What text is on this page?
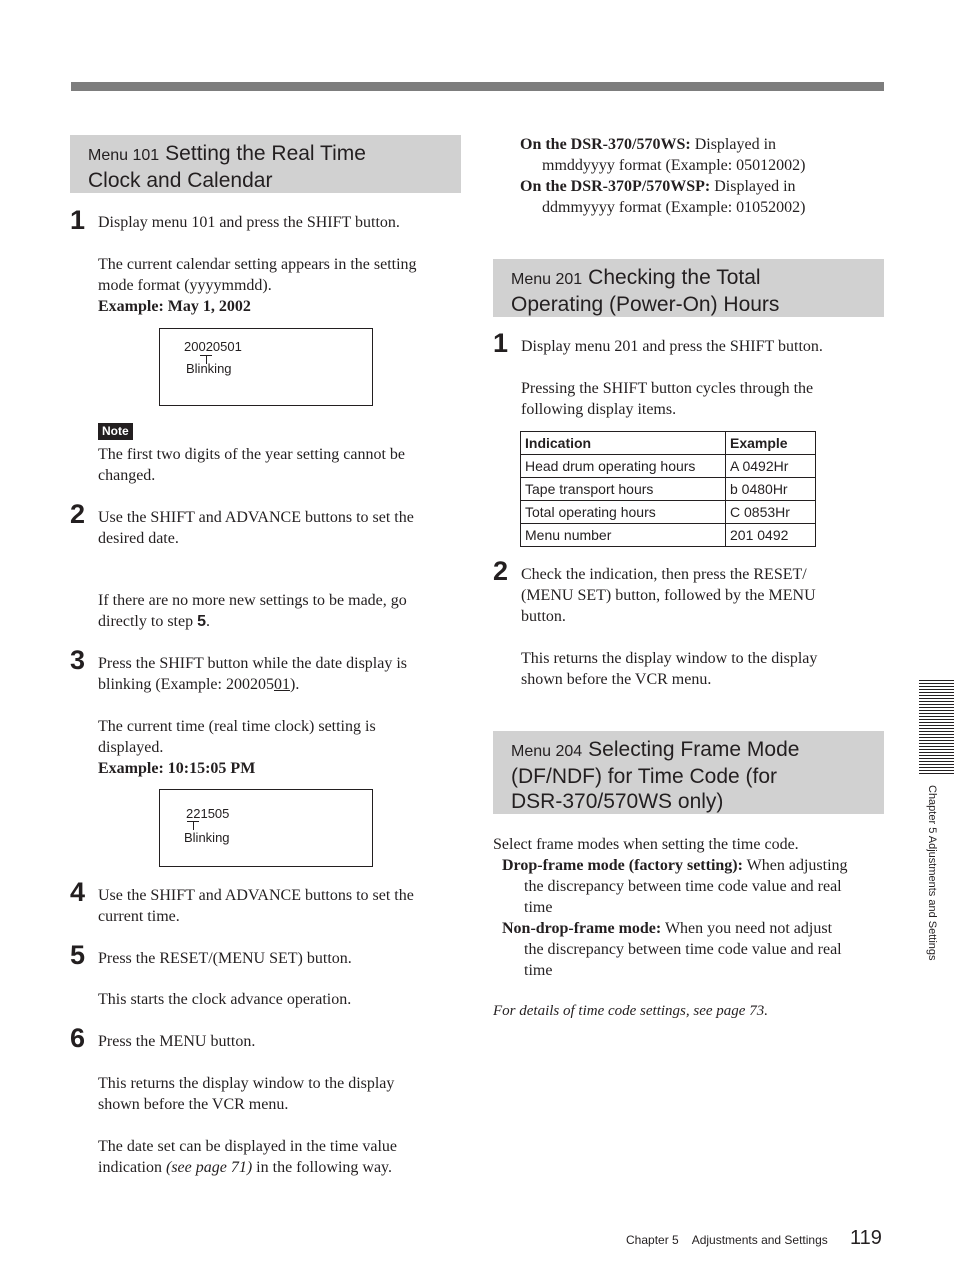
Menu 101 Setting the Real Time
Clock and Calendar
1 Display menu 101 and press the SHIFT button.
The current calendar setting appears in the setting
mode format (yyyymmdd).
Example: May 1, 2002
20020501
Blinking
Note
The first two digits of the year setting cannot be
changed.
2 Use the SHIFT and ADVANCE buttons to set the
desired date.
If there are no more new settings to be made, go
directly to step 5.
3 Press the SHIFT button while the date display is
blinking (Example: 20020501).
The current time (real time clock) setting is
displayed.
Example: 10:15:05 PM
221505
Blinking
4 Use the SHIFT and ADVANCE buttons to set the
current time.
5 Press the RESET/(MENU SET) button.
This starts the clock advance operation.
6 Press the MENU button.
This returns the display window to the display
shown before the VCR menu.
The date set can be displayed in the time value
indication (see page 71) in the following way.
On the DSR-370/570WS: Displayed in
mmddyyyy format (Example: 05012002)
On the DSR-370P/570WSP: Displayed in
ddmmyyyy format (Example: 01052002)
Menu 201 Checking the Total
Operating (Power-On) Hours
1 Display menu 201 and press the SHIFT button.
Pressing the SHIFT button cycles through the
following display items.
Indication	Example
Head drum operating hours	A 0492Hr
Tape transport hours	b 0480Hr
Total operating hours	C 0853Hr
Menu number	201 0492
2 Check the indication, then press the RESET/
(MENU SET) button, followed by the MENU
button.
This returns the display window to the display
shown before the VCR menu.
Menu 204 Selecting Frame Mode
(DF/NDF) for Time Code (for
DSR-370/570WS only)
Select frame modes when setting the time code.
Drop-frame mode (factory setting): When adjusting
the discrepancy between time code value and real
time
Non-drop-frame mode: When you need not adjust
the discrepancy between time code value and real
time
For details of time code settings, see page 73.
Chapter 5 Adjustments and Settings
Chapter 5 Adjustments and Settings 119
